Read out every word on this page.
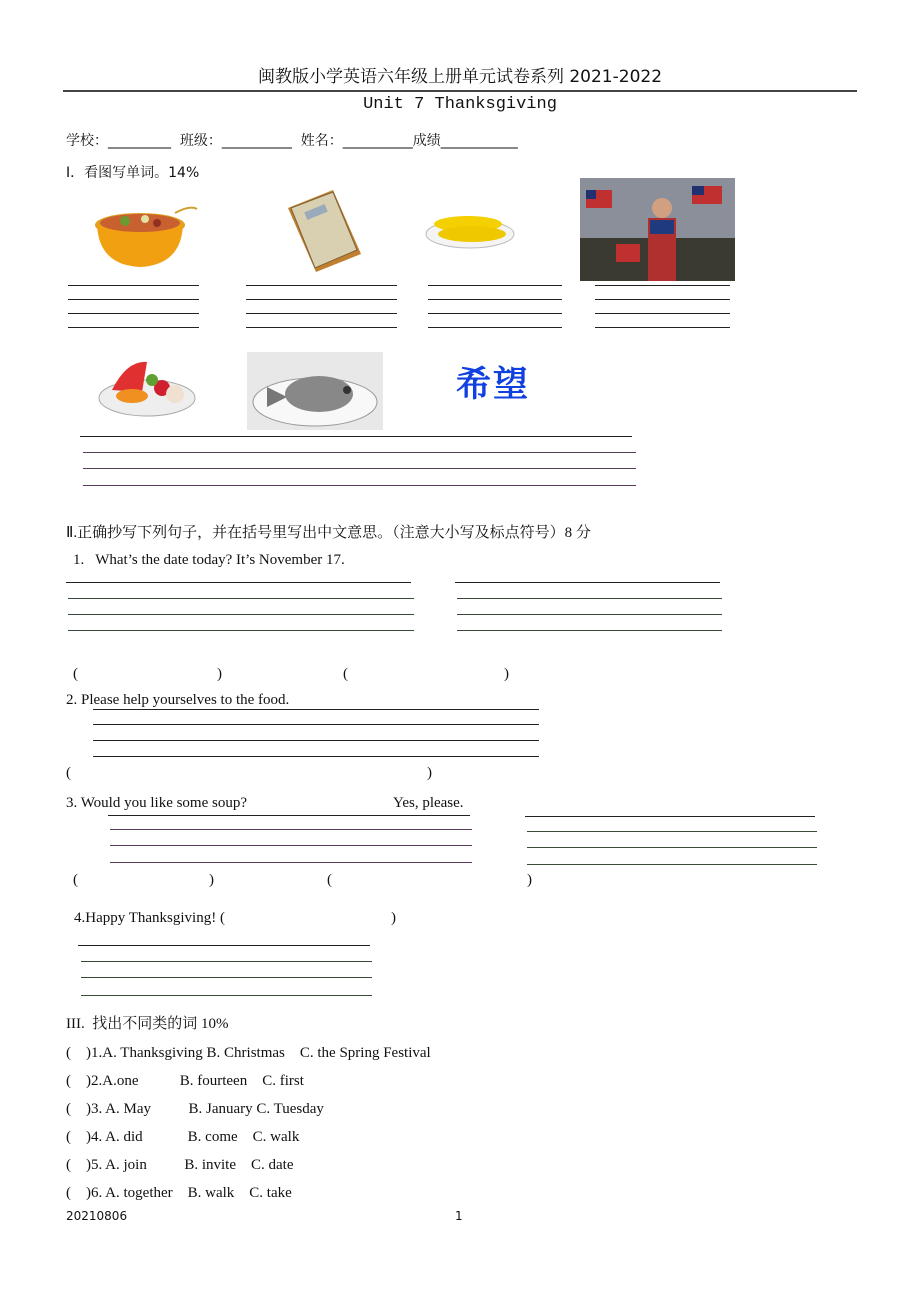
闽教版小学英语六年级上册单元试卷系列 2021-2022
Unit 7 Thanksgiving
学校：_________  班级：__________  姓名：__________成绩___________
Ⅰ．看图写单词。14%
希望
Ⅱ.正确抄写下列句子，并在括号里写出中文意思。（注意大小写及标点符号）8 分
1.   What’s the date today? It’s November 17.
(	)	(	)
2. Please help yourselves to the food.
(	)
3. Would you like some soup?	Yes, please.
(	)	(	)
4.Happy Thanksgiving! (	)
III.  找出不同类的词 10%
(    )1.A. Thanksgiving B. Christmas    C. the Spring Festival
(    )2.A.one           B. fourteen    C. first
(    )3. A. May          B. January C. Tuesday
(    )4. A. did            B. come    C. walk
(    )5. A. join          B. invite    C. date
(    )6. A. together    B. walk    C. take
20210806	1
